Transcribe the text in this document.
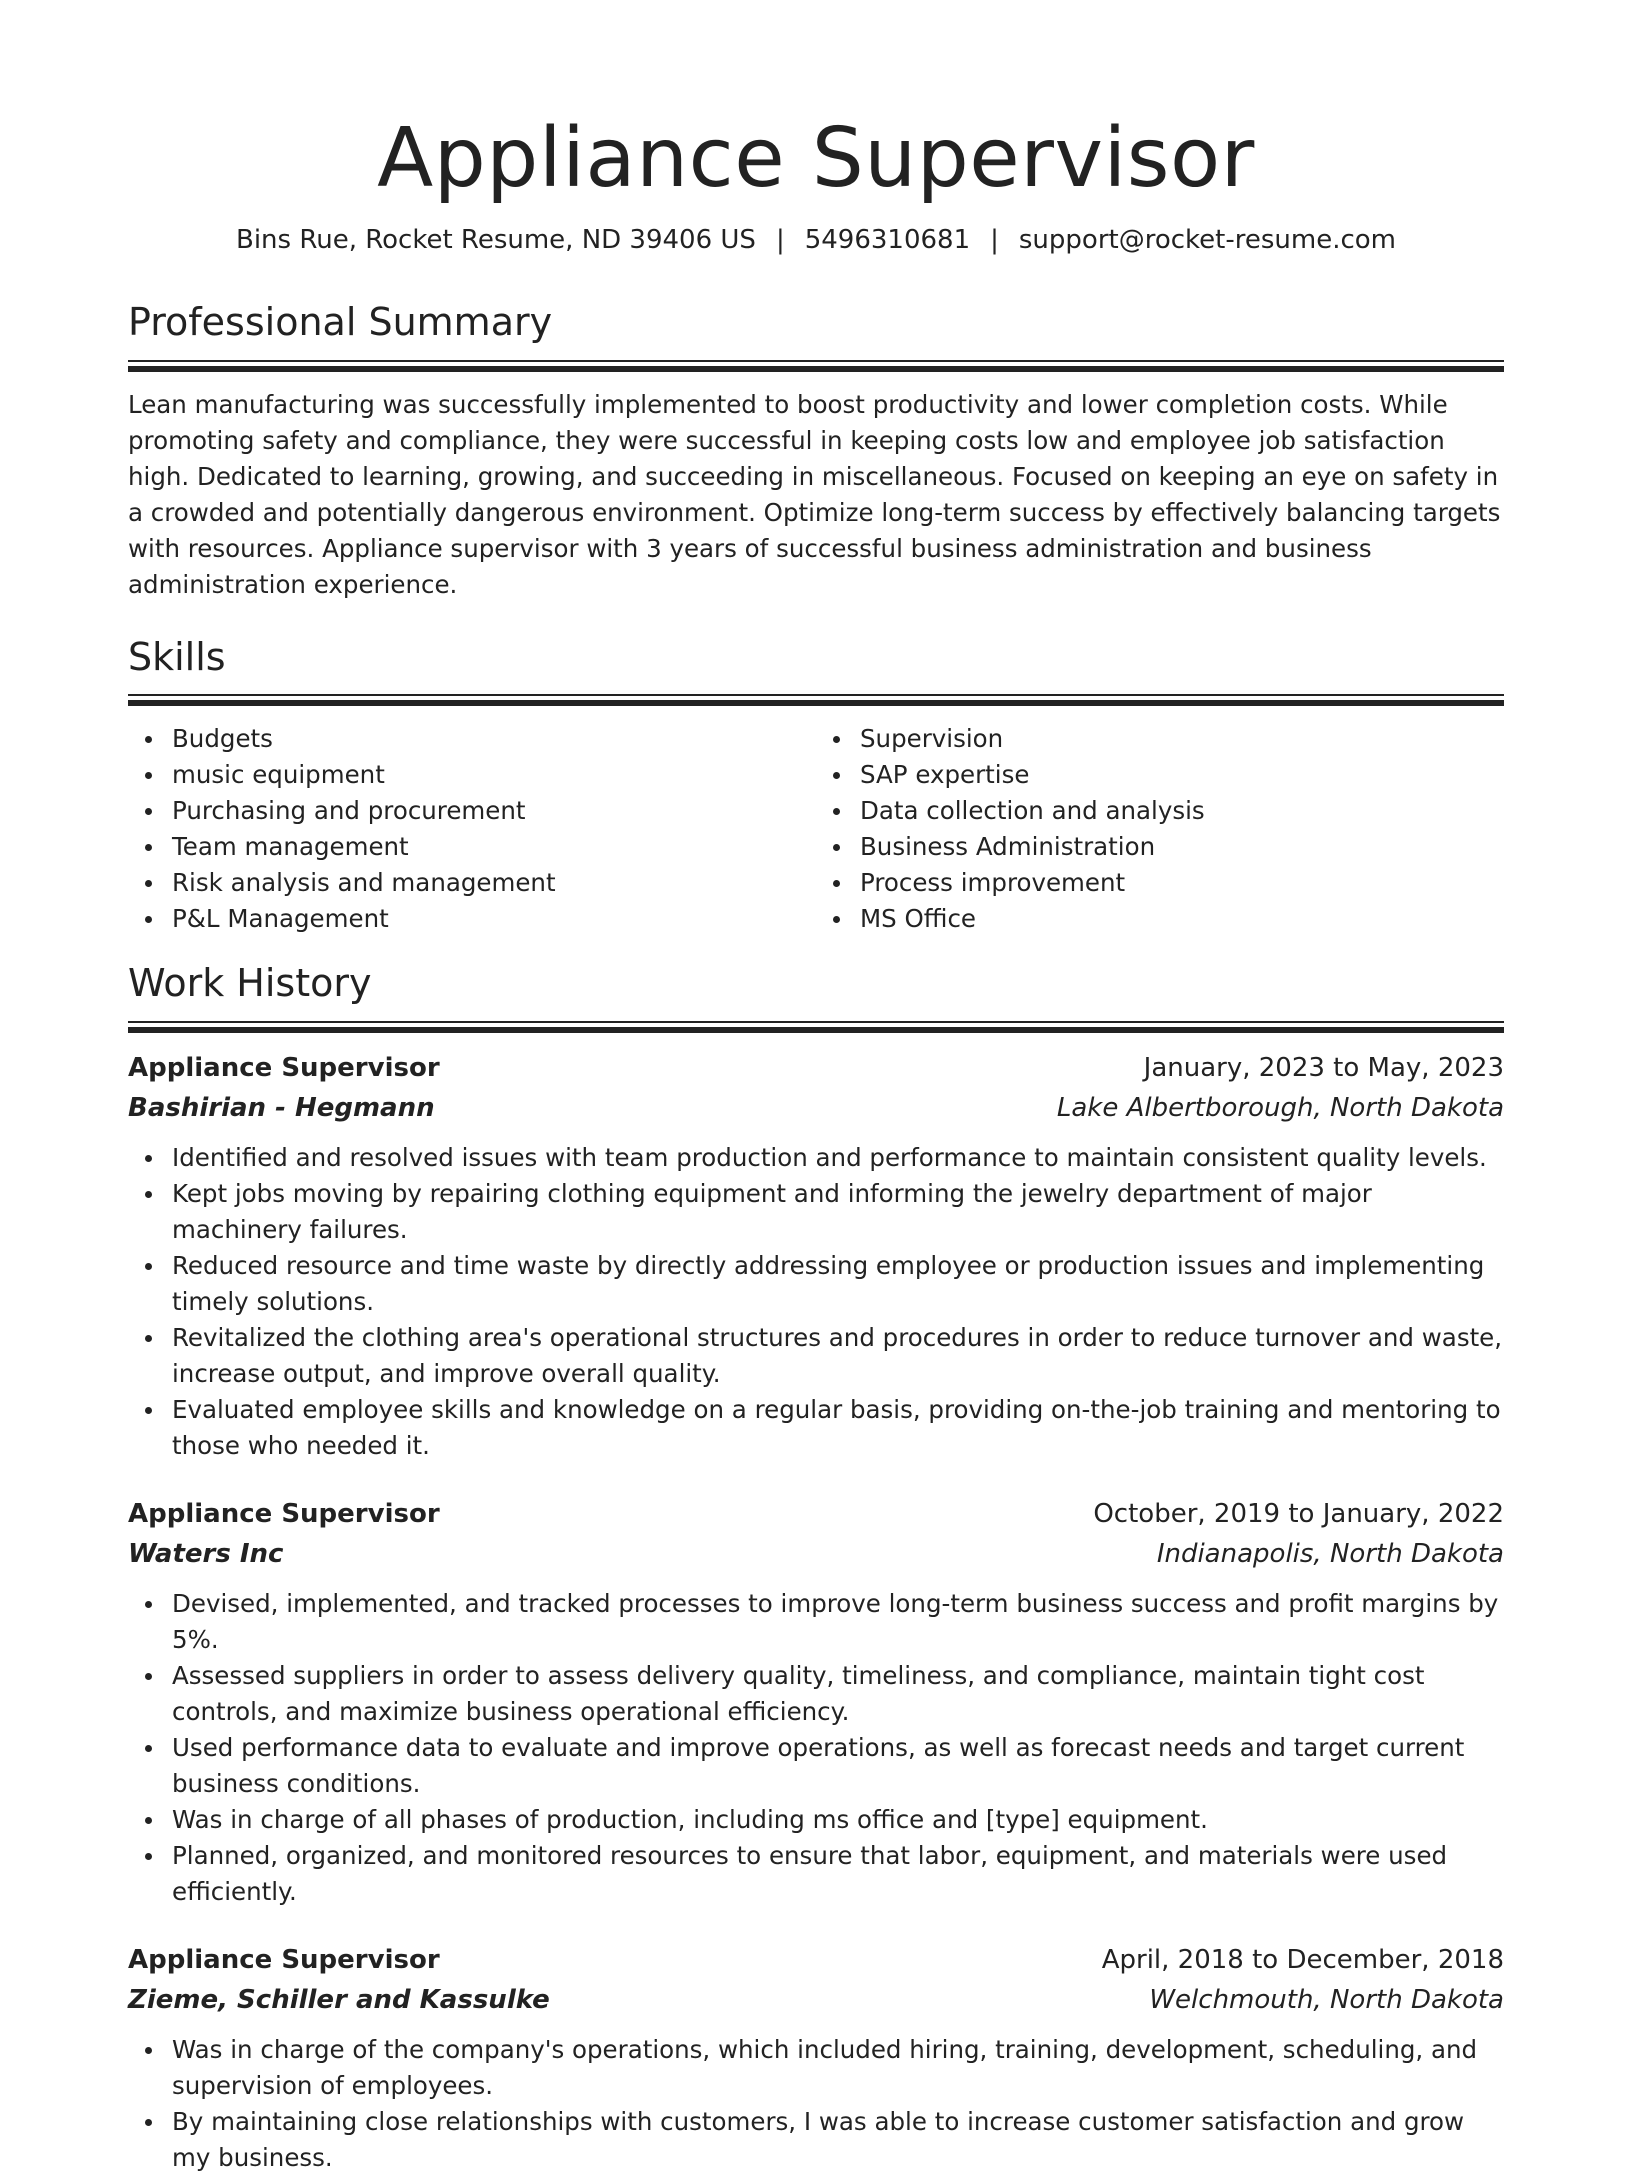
Appliance Supervisor
Bins Rue, Rocket Resume, ND 39406 US | 5496310681 | support@rocket-resume.com
Professional Summary

Lean manufacturing was successfully implemented to boost productivity and lower completion costs. While promoting safety and compliance, they were successful in keeping costs low and employee job satisfaction high. Dedicated to learning, growing, and succeeding in miscellaneous. Focused on keeping an eye on safety in a crowded and potentially dangerous environment. Optimize long-term success by effectively balancing targets with resources. Appliance supervisor with 3 years of successful business administration and business administration experience.

Skills
Budgets
music equipment
Purchasing and procurement
Team management
Risk analysis and management
P&L Management
Supervision
SAP expertise
Data collection and analysis
Business Administration
Process improvement
MS Office
Work History
Appliance Supervisor	January, 2023 to May, 2023
Bashirian - Hegmann	Lake Albertborough, North Dakota
Identified and resolved issues with team production and performance to maintain consistent quality levels.
Kept jobs moving by repairing clothing equipment and informing the jewelry department of major machinery failures.
Reduced resource and time waste by directly addressing employee or production issues and implementing timely solutions.
Revitalized the clothing area's operational structures and procedures in order to reduce turnover and waste, increase output, and improve overall quality.
Evaluated employee skills and knowledge on a regular basis, providing on-the-job training and mentoring to those who needed it.
Appliance Supervisor	October, 2019 to January, 2022
Waters Inc	Indianapolis, North Dakota
Devised, implemented, and tracked processes to improve long-term business success and profit margins by 5%.
Assessed suppliers in order to assess delivery quality, timeliness, and compliance, maintain tight cost controls, and maximize business operational efficiency.
Used performance data to evaluate and improve operations, as well as forecast needs and target current business conditions.
Was in charge of all phases of production, including ms office and [type] equipment.
Planned, organized, and monitored resources to ensure that labor, equipment, and materials were used efficiently.
Appliance Supervisor	April, 2018 to December, 2018
Zieme, Schiller and Kassulke	Welchmouth, North Dakota
Was in charge of the company's operations, which included hiring, training, development, scheduling, and supervision of employees.
By maintaining close relationships with customers, I was able to increase customer satisfaction and grow my business.
